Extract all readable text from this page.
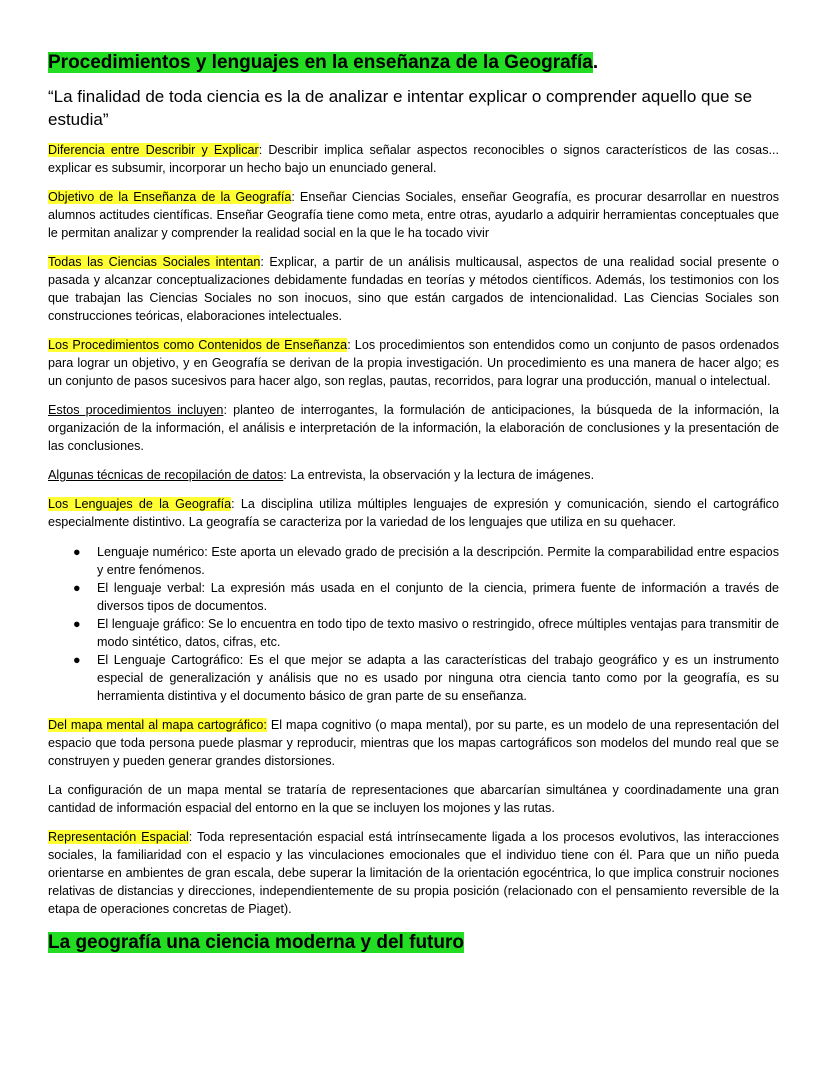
Procedimientos y lenguajes en la enseñanza de la Geografía.
“La finalidad de toda ciencia es la de analizar e intentar explicar o comprender aquello que se estudia”

Diferencia entre Describir y Explicar: Describir implica señalar aspectos reconocibles o signos característicos de las cosas... explicar es subsumir, incorporar un hecho bajo un enunciado general.

Objetivo de la Enseñanza de la Geografía: Enseñar Ciencias Sociales, enseñar Geografía, es procurar desarrollar en nuestros alumnos actitudes científicas. Enseñar Geografía tiene como meta, entre otras, ayudarlo a adquirir herramientas conceptuales que le permitan analizar y comprender la realidad social en la que le ha tocado vivir

Todas las Ciencias Sociales intentan: Explicar, a partir de un análisis multicausal, aspectos de una realidad social presente o pasada y alcanzar conceptualizaciones debidamente fundadas en teorías y métodos científicos. Además, los testimonios con los que trabajan las Ciencias Sociales no son inocuos, sino que están cargados de intencionalidad. Las Ciencias Sociales son construcciones teóricas, elaboraciones intelectuales.

Los Procedimientos como Contenidos de Enseñanza: Los procedimientos son entendidos como un conjunto de pasos ordenados para lograr un objetivo, y en Geografía se derivan de la propia investigación. Un procedimiento es una manera de hacer algo; es un conjunto de pasos sucesivos para hacer algo, son reglas, pautas, recorridos, para lograr una producción, manual o intelectual.

Estos procedimientos incluyen: planteo de interrogantes, la formulación de anticipaciones, la búsqueda de la información, la organización de la información, el análisis e interpretación de la información, la elaboración de conclusiones y la presentación de las conclusiones.

Algunas técnicas de recopilación de datos: La entrevista, la observación y la lectura de imágenes.

Los Lenguajes de la Geografía: La disciplina utiliza múltiples lenguajes de expresión y comunicación, siendo el cartográfico especialmente distintivo. La geografía se caracteriza por la variedad de los lenguajes que utiliza en su quehacer.

● Lenguaje numérico: Este aporta un elevado grado de precisión a la descripción. Permite la comparabilidad entre espacios y entre fenómenos.
● El lenguaje verbal: La expresión más usada en el conjunto de la ciencia, primera fuente de información a través de diversos tipos de documentos.
● El lenguaje gráfico: Se lo encuentra en todo tipo de texto masivo o restringido, ofrece múltiples ventajas para transmitir de modo sintético, datos, cifras, etc.
● El Lenguaje Cartográfico: Es el que mejor se adapta a las características del trabajo geográfico y es un instrumento especial de generalización y análisis que no es usado por ninguna otra ciencia tanto como por la geografía, es su herramienta distintiva y el documento básico de gran parte de su enseñanza.

Del mapa mental al mapa cartográfico: El mapa cognitivo (o mapa mental), por su parte, es un modelo de una representación del espacio que toda persona puede plasmar y reproducir, mientras que los mapas cartográficos son modelos del mundo real que se construyen y pueden generar grandes distorsiones.

La configuración de un mapa mental se trataría de representaciones que abarcarían simultánea y coordinadamente una gran cantidad de información espacial del entorno en la que se incluyen los mojones y las rutas.

Representación Espacial: Toda representación espacial está intrínsecamente ligada a los procesos evolutivos, las interacciones sociales, la familiaridad con el espacio y las vinculaciones emocionales que el individuo tiene con él. Para que un niño pueda orientarse en ambientes de gran escala, debe superar la limitación de la orientación egocéntrica, lo que implica construir nociones relativas de distancias y direcciones, independientemente de su propia posición (relacionado con el pensamiento reversible de la etapa de operaciones concretas de Piaget).

La geografía una ciencia moderna y del futuro
